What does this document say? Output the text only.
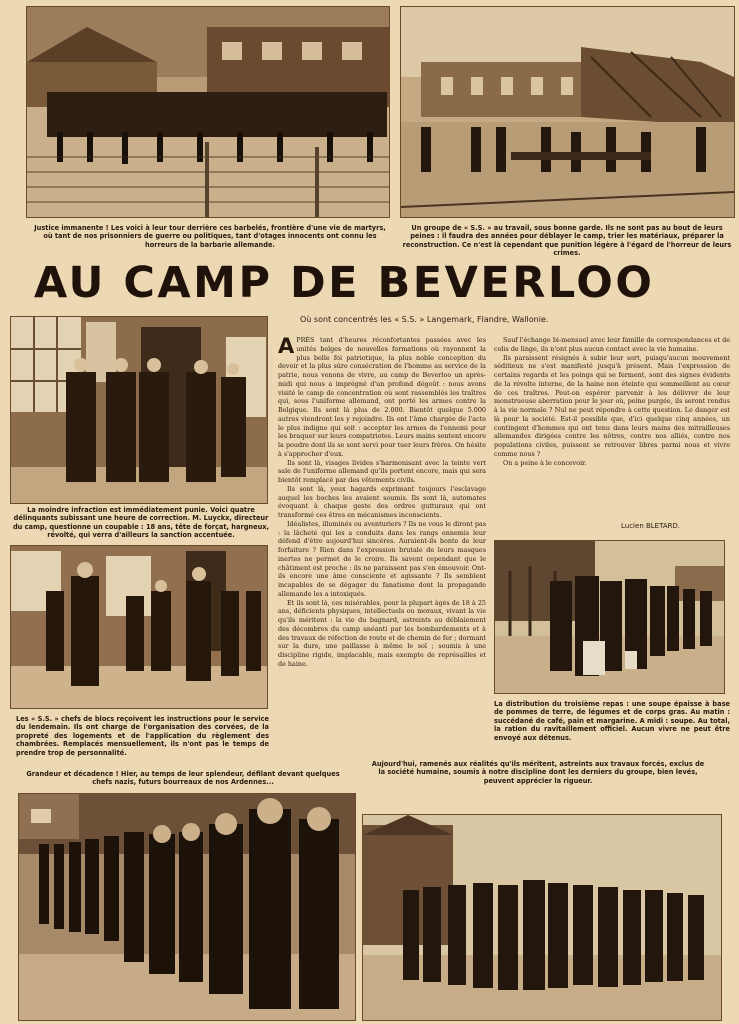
Justice immanente ! Les voici à leur tour derrière ces barbelés, frontière d'une vie de martyrs, où tant de nos prisonniers de guerre ou politiques, tant d'otages innocents ont connu les horreurs de la barbarie allemande.
Un groupe de « S.S. » au travail, sous bonne garde. Ils ne sont pas au bout de leurs peines : il faudra des années pour déblayer le camp, trier les matériaux, préparer la reconstruction. Ce n'est là cependant que punition légère à l'égard de l'horreur de leurs crimes.
AU CAMP DE BEVERLOO
Où sont concentrés les « S.S. » Langemark, Flandre, Wallonie.
La moindre infraction est immédiatement punie. Voici quatre délinquants subissant une heure de correction. M. Luyckx, directeur du camp, questionne un coupable : 18 ans, tête de forçat, hargneux, révolté, qui verra d'ailleurs la sanction accentuée.
Les « S.S. » chefs de blocs reçoivent les instructions pour le service du lendemain. Ils ont charge de l'organisation des corvées, de la propreté des logements et de l'application du règlement des chambrées. Remplacés mensuellement, ils n'ont pas le temps de prendre trop de personnalité.

APRÈS tant d'heures réconfortantes passées avec les unités belges de nouvelles formations où rayonnent la plus belle foi patriotique, la plus noble conception du devoir et la plus sûre consécration de l'homme au service de la patrie, nous venons de vivre, au camp de Beverloo un après-midi qui nous a imprégné d'un profond dégoût : nous avons visité le camp de concentration où sont rassemblés les traîtres qui, sous l'uniforme allemand, ont porté les armes contre la Belgique. Ils sont là plus de 2.000. Bientôt quelque 5.000 autres viendront les y rejoindre. Ils ont l'âme chargée de l'acte le plus indigne qui soit : accepter les armes de l'ennemi pour les braquer sur leurs compatriotes. Leurs mains sentent encore la poudre dont ils se sont servi pour tuer leurs frères. On hésite à s'approcher d'eux.

Ils sont là, visages livides s'harmonisant avec la teinte vert sale de l'uniforme allemand qu'ils portent encore, mais qui sera bientôt remplacé par des vêtements civils.

Ils sont là, yeux hagards exprimant toujours l'esclavage auquel les boches les avaient soumis. Ils sont là, automates évoquant à chaque geste des ordres gutturaux qui ont transformé ces êtres en mécanismes inconscients.

Idéalistes, illuminés ou aventuriers ? Ils ne vous le diront pas : la lâcheté qui les a conduits dans les rangs ennemis leur défend d'être aujourd'hui sincères. Auraient-ils honte de leur forfaiture ? Rien dans l'expression brutale de leurs masques inertes ne permet de le croire. Ils savent cependant que le châtiment est proche : ils ne paraissent pas s'en émouvoir. Ont-ils encore une âme consciente et agissante ? Ils semblent incapables de se dégager du fanatisme dont la propagande allemande les a intoxiqués.

Et ils sont là, ces misérables, pour la plupart âgés de 18 à 25 ans, déficients physiques, intellectuels ou moraux, vivant la vie qu'ils méritent : la vie du bagnard, astreints au déblaiement des décombres du camp anéanti par les bombardements et à des travaux de réfection de route et de chemin de fer ; dormant sur la dure, une paillasse à même le sol ; soumis à une discipline rigide, implacable, mais exempte de représailles et de haine.

Sauf l'échange bi-mensuel avec leur famille de correspondances et de colis de linge, ils n'ont plus aucun contact avec la vie humaine.

Ils paraissent résignés à subir leur sort, puisqu'aucun mouvement séditieux ne s'est manifesté jusqu'à présent. Mais l'expression de certains regards et les poings qui se ferment, sont des signes évidents de la révolte interne, de la haine non éteinte qui sommeillent au cœur de ces traîtres. Peut-on espérer parvenir à les délivrer de leur monstrueuse aberration pour le jour où, peine purgée, ils seront rendus à la vie normale ? Nul ne peut répondre à cette question. Le danger est là pour la société. Est-il possible que, d'ici quelque cinq années, un contingent d'hommes qui ont tenu dans leurs mains des mitrailleuses allemandes dirigées contre les nôtres, contre nos alliés, contre nos populations civiles, puissent se retrouver libres parmi nous et vivre comme nous ?

On a peine à le concevoir.

Lucien BLETARD.
La distribution du troisième repas : une soupe épaisse à base de pommes de terre, de légumes et de corps gras. Au matin : succédané de café, pain et margarine. A midi : soupe. Au total, la ration du ravitaillement officiel. Aucun vivre ne peut être envoyé aux détenus.
Grandeur et décadence ! Hier, au temps de leur splendeur, défilant devant quelques chefs nazis, futurs bourreaux de nos Ardennes...
Aujourd'hui, ramenés aux réalités qu'ils méritent, astreints aux travaux forcés, exclus de la société humaine, soumis à notre discipline dont les derniers du groupe, bien levés, peuvent apprécier la rigueur.
